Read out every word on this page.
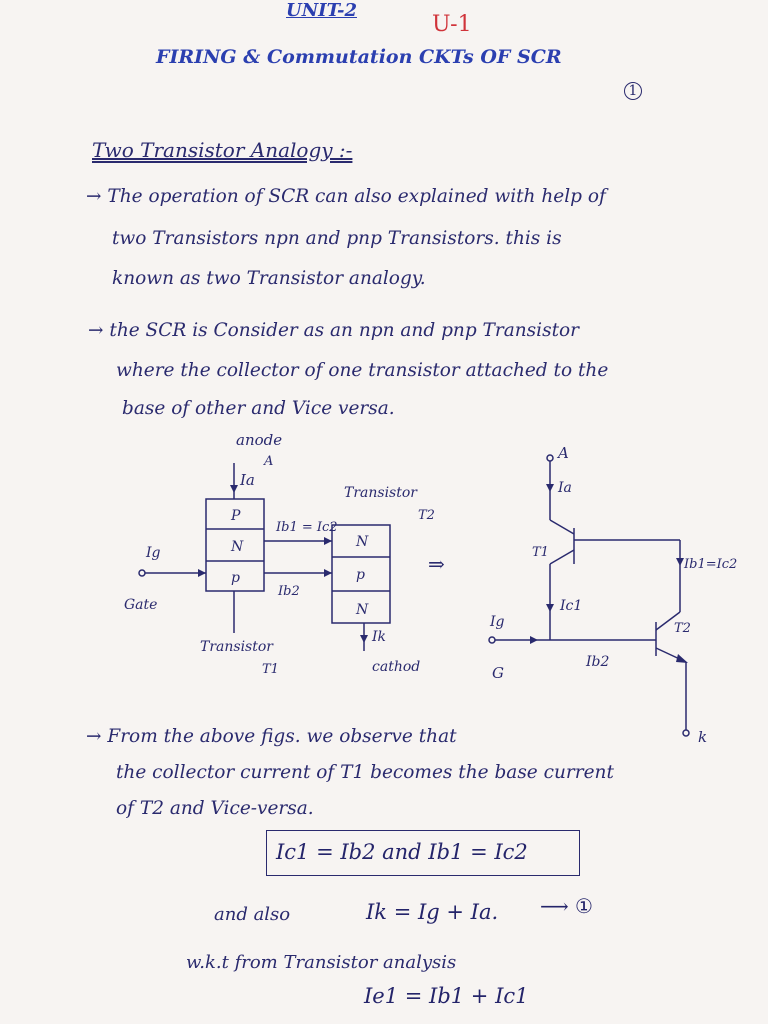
UNIT-2
U-1
FIRING & Commutation CKTs OF SCR
1
Two Transistor Analogy :-
→ The operation of SCR can also explained with help of
two Transistors npn and pnp Transistors. this is
known as two Transistor analogy.
→ the SCR is Consider as an npn and pnp Transistor
where the collector of one transistor attached to the
base of other and Vice versa.
anode
A
Ia
P
N
p
N
p
N
Ib1 = Ic2
Ib2
Ig
Gate
Transistor
T1
Transistor
T2
Ik
cathod
⇒
A
Ia
T1
Ib1=Ic2
Ic1
Ig
G
Ib2
T2
k
→ From the above figs. we observe that
the collector current of T1 becomes the base current
of T2 and Vice-versa.
Ic1 = Ib2 and Ib1 = Ic2
and also	Ik = Ig + Ia. ⟶ ①
w.k.t from Transistor analysis
Ie1 = Ib1 + Ic1
